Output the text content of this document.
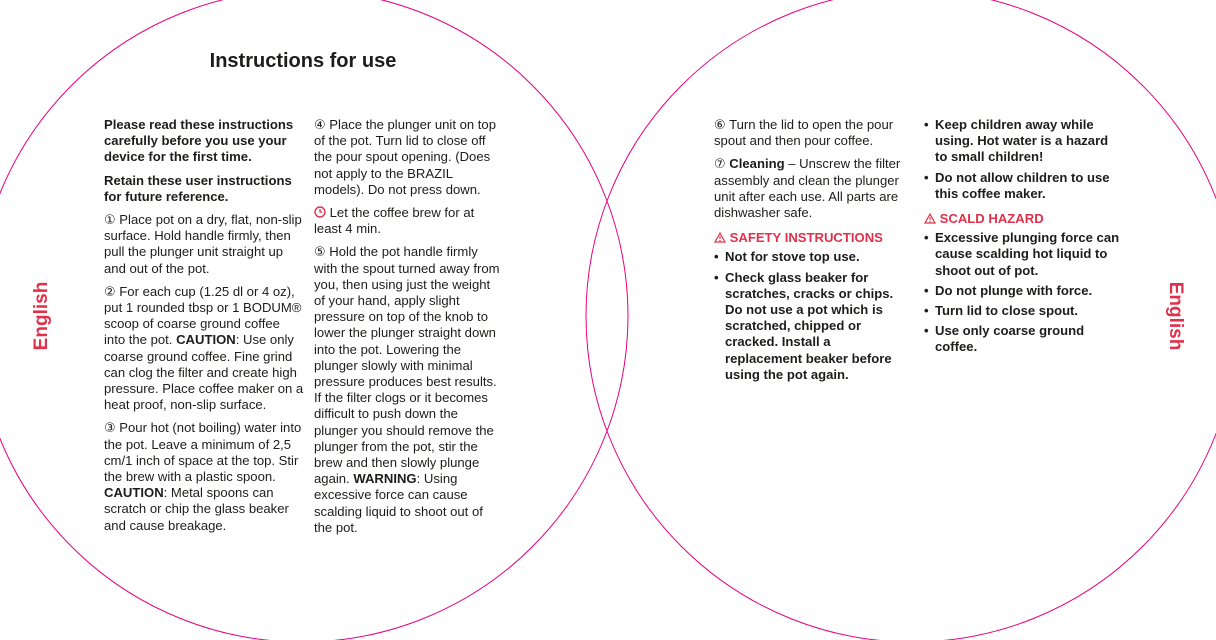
Instructions for use
English	English

Please read these instructions carefully before you use your device for the first time.

Retain these user instructions for future reference.

① Place pot on a dry, flat, non-slip surface. Hold handle firmly, then pull the plunger unit straight up and out of the pot.

② For each cup (1.25 dl or 4 oz), put 1 rounded tbsp or 1 BODUM® scoop of coarse ground coffee into the pot. CAUTION: Use only coarse ground coffee. Fine grind can clog the filter and create high pressure. Place coffee maker on a heat proof, non-slip surface.

③ Pour hot (not boiling) water into the pot. Leave a minimum of 2,5 cm/1 inch of space at the top. Stir the brew with a plastic spoon. CAUTION: Metal spoons can scratch or chip the glass beaker and cause breakage.

④ Place the plunger unit on top of the pot. Turn lid to close off the pour spout opening. (Does not apply to the BRAZIL models). Do not press down.

Let the coffee brew for at least 4 min.

⑤ Hold the pot handle firmly with the spout turned away from you, then using just the weight of your hand, apply slight pressure on top of the knob to lower the plunger straight down into the pot. Lowering the plunger slowly with minimal pressure produces best results. If the filter clogs or it becomes difficult to push down the plunger you should remove the plunger from the pot, stir the brew and then slowly plunge again. WARNING: Using excessive force can cause scalding liquid to shoot out of the pot.

⑥ Turn the lid to open the pour spout and then pour coffee.

⑦ Cleaning – Unscrew the filter assembly and clean the plunger unit after each use. All parts are dishwasher safe.

SAFETY INSTRUCTIONS

• Not for stove top use.
• Check glass beaker for scratches, cracks or chips. Do not use a pot which is scratched, chipped or cracked. Install a replacement beaker before using the pot again.
• Keep children away while using. Hot water is a hazard to small children!
• Do not allow children to use this coffee maker.

SCALD HAZARD

• Excessive plunging force can cause scalding hot liquid to shoot out of pot.
• Do not plunge with force.
• Turn lid to close spout.
• Use only coarse ground coffee.
